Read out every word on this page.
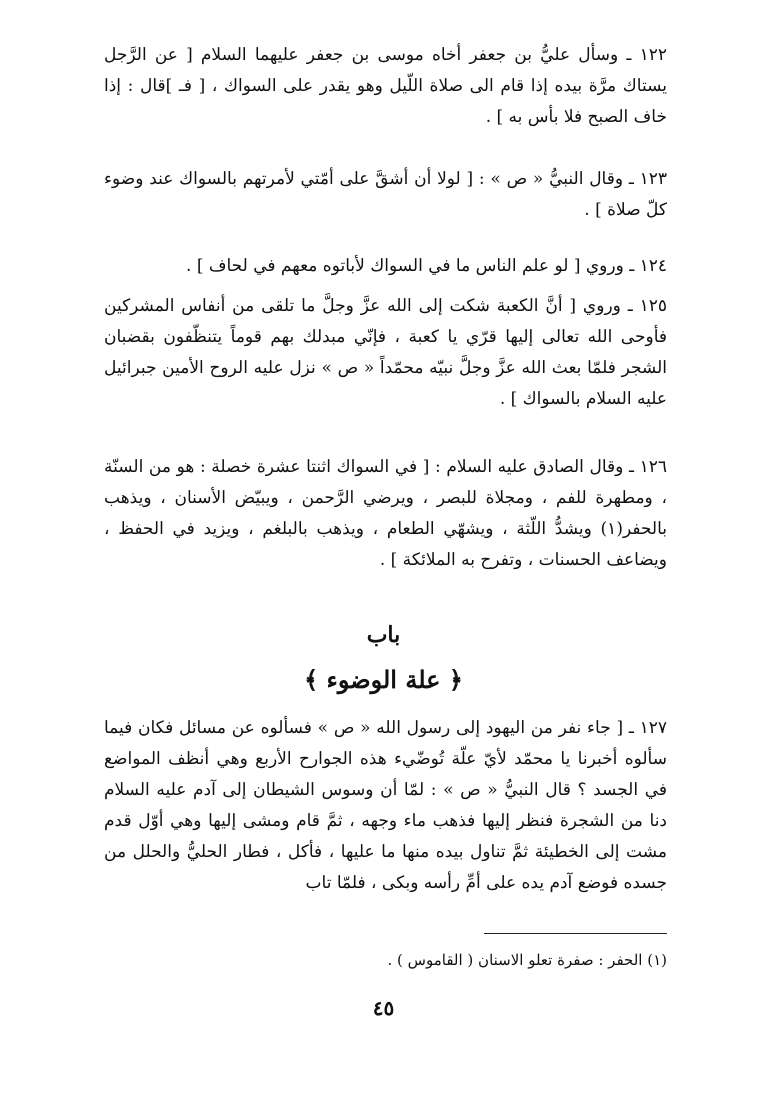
١٢٢ ـ وسأل عليُّ بن جعفر أخاه موسى بن جعفر عليهما السلام [ عن الرَّجل يستاك مرَّة بيده إذا قام الى صلاة اللّيل وهو يقدر على السواك ، [ فـ ]قال : إذا خاف الصبح فلا بأس به ] .

١٢٣ ـ وقال النبيُّ « ص » : [ لولا أن أشقَّ على أمّتي لأمرتهم بالسواك عند وضوء كلّ صلاة ] .

١٢٤ ـ وروي [ لو علم الناس ما في السواك لأباتوه معهم في لحاف ] .

١٢٥ ـ وروي [ أنَّ الكعبة شكت إلى الله عزَّ وجلَّ ما تلقى من أنفاس المشركين فأوحى الله تعالى إليها قرّي يا كعبة ، فإنّي مبدلك بهم قوماً يتنظّفون بقضبان الشجر فلمّا بعث الله عزَّ وجلَّ نبيّه محمّداً « ص » نزل عليه الروح الأمين جبرائيل عليه السلام بالسواك ] .

١٢٦ ـ وقال الصادق عليه السلام : [ في السواك اثنتا عشرة خصلة : هو من السنّة ، ومطهرة للفم ، ومجلاة للبصر ، ويرضي الرَّحمن ، ويبيّض الأسنان ، ويذهب بالحفر(١) ويشدُّ اللّثة ، ويشهّي الطعام ، ويذهب بالبلغم ، ويزيد في الحفظ ، ويضاعف الحسنات ، وتفرح به الملائكة ] .

باب
﴿ علة الوضوء ﴾

١٢٧ ـ [ جاء نفر من اليهود إلى رسول الله « ص » فسألوه عن مسائل فكان فيما سألوه أخبرنا يا محمّد لأيّ علّة تُوضّيء هذه الجوارح الأربع وهي أنظف المواضع في الجسد ؟ قال النبيُّ « ص » : لمّا أن وسوس الشيطان إلى آدم عليه السلام دنا من الشجرة فنظر إليها فذهب ماء وجهه ، ثمَّ قام ومشى إليها وهي أوّل قدم مشت إلى الخطيئة ثمَّ تناول بيده منها ما عليها ، فأكل ، فطار الحليُّ والحلل من جسده فوضع آدم يده على أمِّ رأسه وبكى ، فلمّا تاب

(١) الحفر : صفرة تعلو الاسنان ( القاموس ) .

٤٥
